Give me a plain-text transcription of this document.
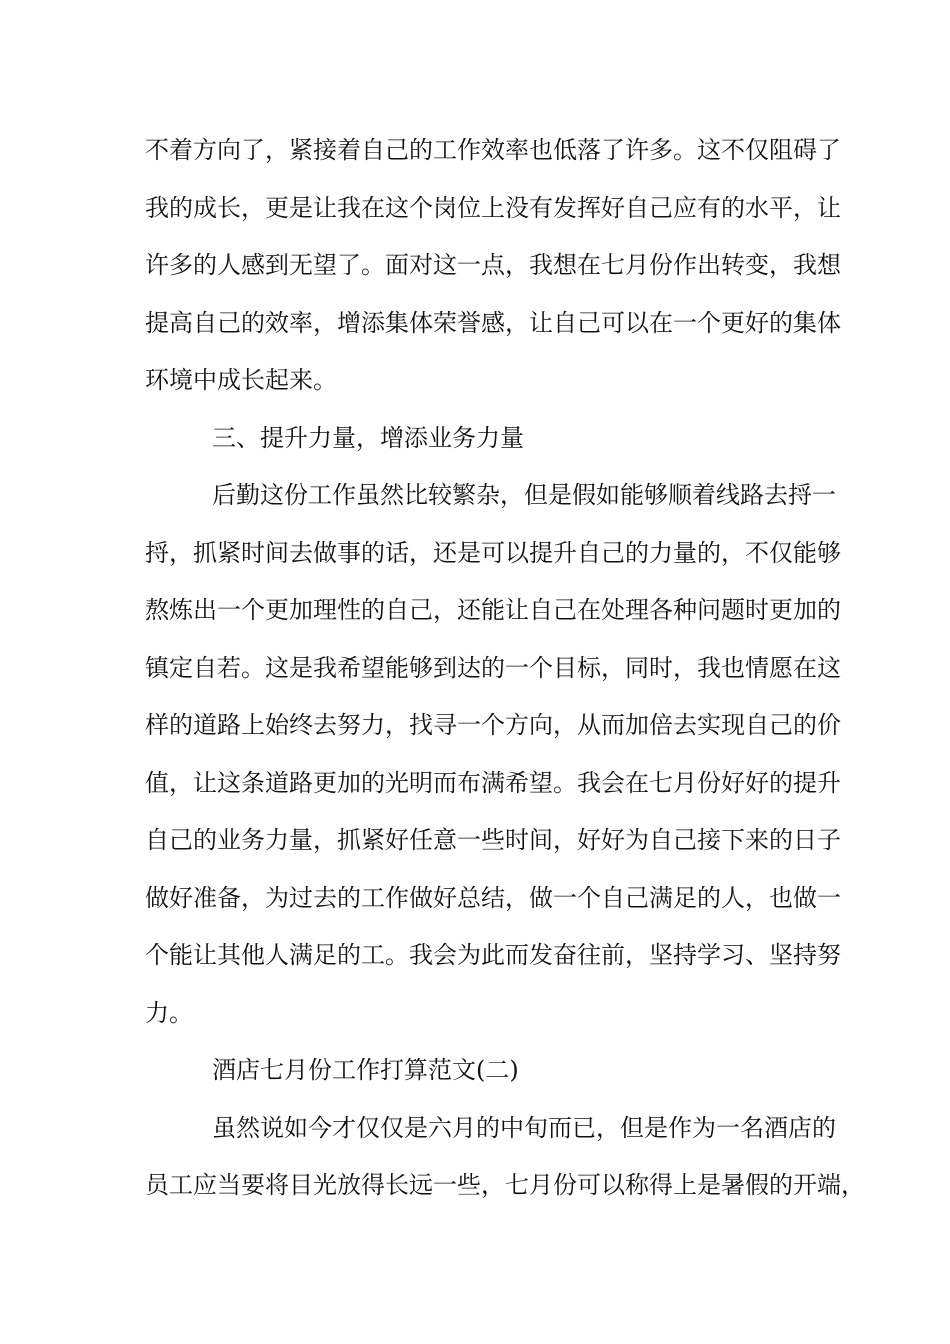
不着方向了，紧接着自己的工作效率也低落了许多。这不仅阻碍了
我的成长，更是让我在这个岗位上没有发挥好自己应有的水平，让
许多的人感到无望了。面对这一点，我想在七月份作出转变，我想
提高自己的效率，增添集体荣誉感，让自己可以在一个更好的集体
环境中成长起来。
三、提升力量，增添业务力量
后勤这份工作虽然比较繁杂，但是假如能够顺着线路去捋一
捋，抓紧时间去做事的话，还是可以提升自己的力量的，不仅能够
熬炼出一个更加理性的自己，还能让自己在处理各种问题时更加的
镇定自若。这是我希望能够到达的一个目标，同时，我也情愿在这
样的道路上始终去努力，找寻一个方向，从而加倍去实现自己的价
值，让这条道路更加的光明而布满希望。我会在七月份好好的提升
自己的业务力量，抓紧好任意一些时间，好好为自己接下来的日子
做好准备，为过去的工作做好总结，做一个自己满足的人，也做一
个能让其他人满足的工。我会为此而发奋往前，坚持学习、坚持努
力。
酒店七月份工作打算范文(二)
虽然说如今才仅仅是六月的中旬而已，但是作为一名酒店的
员工应当要将目光放得长远一些，七月份可以称得上是暑假的开端，
